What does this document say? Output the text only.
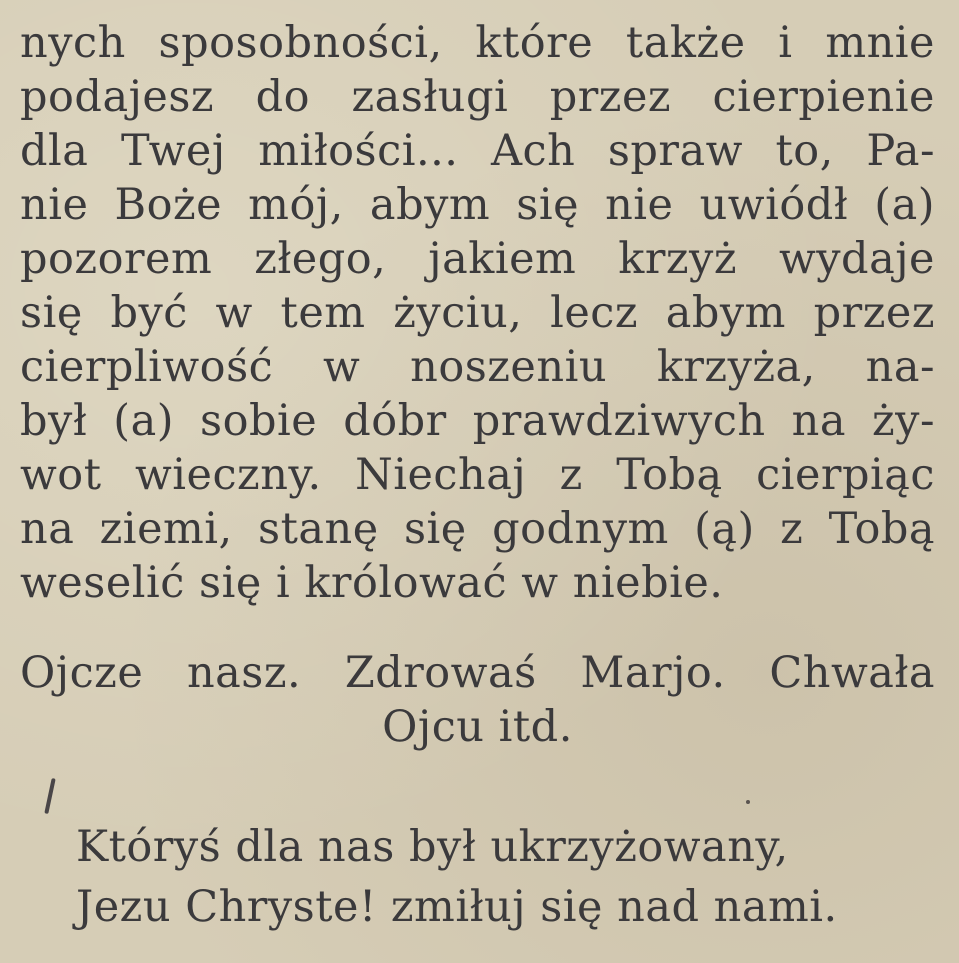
nych sposobności, które także i mnie
podajesz do zasługi przez cierpienie
dla Twej miłości... Ach spraw to, Pa-
nie Boże mój, abym się nie uwiódł (a)
pozorem złego, jakiem krzyż wydaje
się być w tem życiu, lecz abym przez
cierpliwość w noszeniu krzyża, na-
był (a) sobie dóbr prawdziwych na ży-
wot wieczny. Niechaj z Tobą cierpiąc
na ziemi, stanę się godnym (ą) z Tobą
weselić się i królować w niebie.
Ojcze nasz. Zdrowaś Marjo. Chwała
Ojcu itd.
Któryś dla nas był ukrzyżowany,
Jezu Chryste! zmiłuj się nad nami.
